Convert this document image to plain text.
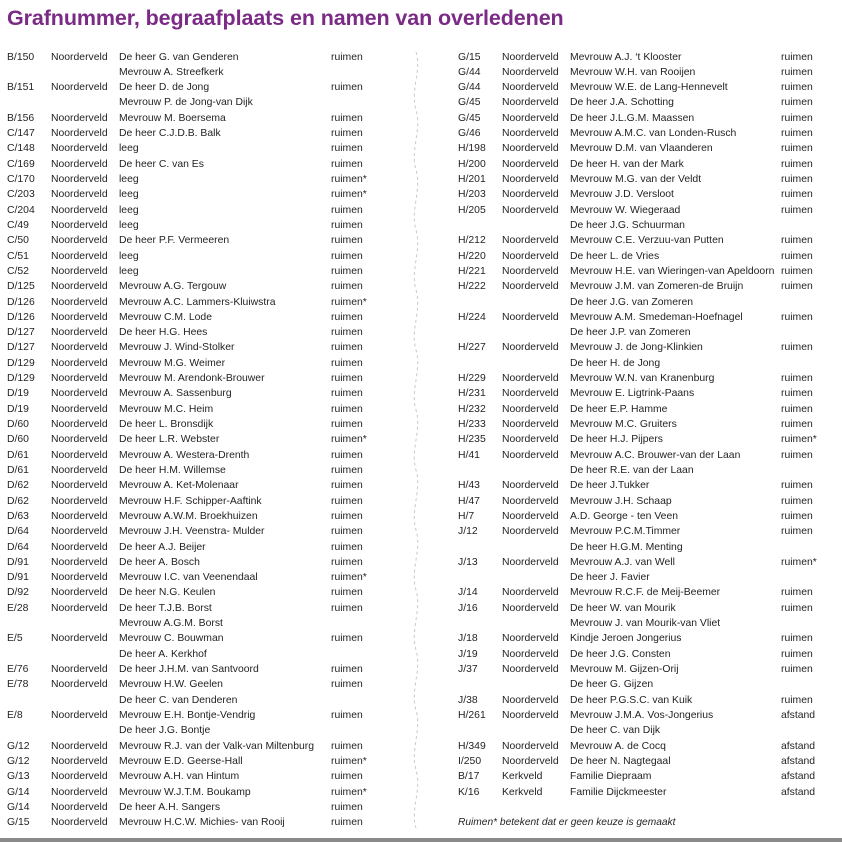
Grafnummer, begraafplaats en namen van overledenen
B/150 Noorderveld De heer G. van Genderen	ruimen
Mevrouw A. Streefkerk
B/151 Noorderveld De heer D. de Jong	ruimen
Mevrouw P. de Jong-van Dijk
B/156 Noorderveld Mevrouw M. Boersema	ruimen
C/147 Noorderveld De heer C.J.D.B. Balk	ruimen
C/148 Noorderveld leeg	ruimen
C/169 Noorderveld De heer C. van Es	ruimen
C/170 Noorderveld leeg	ruimen*
C/203 Noorderveld leeg	ruimen*
C/204 Noorderveld leeg	ruimen
C/49 Noorderveld leeg	ruimen
C/50 Noorderveld De heer P.F. Vermeeren	ruimen
C/51 Noorderveld leeg	ruimen
C/52 Noorderveld leeg	ruimen
D/125 Noorderveld Mevrouw A.G. Tergouw	ruimen
D/126 Noorderveld Mevrouw A.C. Lammers-Kluiwstra	ruimen*
D/126 Noorderveld Mevrouw C.M. Lode	ruimen
D/127 Noorderveld De heer H.G. Hees	ruimen
D/127 Noorderveld Mevrouw J. Wind-Stolker	ruimen
D/129 Noorderveld Mevrouw M.G. Weimer	ruimen
D/129 Noorderveld Mevrouw M. Arendonk-Brouwer	ruimen
D/19 Noorderveld Mevrouw A. Sassenburg	ruimen
D/19 Noorderveld Mevrouw M.C. Heim	ruimen
D/60 Noorderveld De heer L. Bronsdijk	ruimen
D/60 Noorderveld De heer L.R. Webster	ruimen*
D/61 Noorderveld Mevrouw A. Westera-Drenth	ruimen
D/61 Noorderveld De heer H.M. Willemse	ruimen
D/62 Noorderveld Mevrouw A. Ket-Molenaar	ruimen
D/62 Noorderveld Mevrouw H.F. Schipper-Aaftink	ruimen
D/63 Noorderveld Mevrouw A.W.M. Broekhuizen	ruimen
D/64 Noorderveld Mevrouw J.H. Veenstra- Mulder	ruimen
D/64 Noorderveld De heer A.J. Beijer	ruimen
D/91 Noorderveld De heer A. Bosch	ruimen
D/91 Noorderveld Mevrouw I.C. van Veenendaal	ruimen*
D/92 Noorderveld De heer N.G. Keulen	ruimen
E/28 Noorderveld De heer T.J.B. Borst	ruimen
Mevrouw A.G.M. Borst
E/5	Noorderveld Mevrouw C. Bouwman	ruimen
De heer A. Kerkhof
E/76 Noorderveld De heer J.H.M. van Santvoord	ruimen
E/78 Noorderveld Mevrouw H.W. Geelen	ruimen
De heer C. van Denderen
E/8	Noorderveld Mevrouw E.H. Bontje-Vendrig	ruimen
De heer J.G. Bontje
G/12 Noorderveld Mevrouw R.J. van der Valk-van Miltenburg ruimen
G/12 Noorderveld Mevrouw E.D. Geerse-Hall	ruimen*
G/13 Noorderveld Mevrouw A.H. van Hintum	ruimen
G/14 Noorderveld Mevrouw W.J.T.M. Boukamp	ruimen*
G/14 Noorderveld De heer A.H. Sangers	ruimen
G/15 Noorderveld Mevrouw H.C.W. Michies- van Rooij	ruimen
G/15 Noorderveld Mevrouw A.J. ‘t Klooster	ruimen
G/44 Noorderveld Mevrouw W.H. van Rooijen	ruimen
G/44 Noorderveld Mevrouw W.E. de Lang-Hennevelt	ruimen
G/45 Noorderveld De heer J.A. Schotting	ruimen
G/45 Noorderveld De heer J.L.G.M. Maassen	ruimen
G/46 Noorderveld Mevrouw A.M.C. van Londen-Rusch	ruimen
H/198 Noorderveld Mevrouw D.M. van Vlaanderen	ruimen
H/200 Noorderveld De heer H. van der Mark	ruimen
H/201 Noorderveld Mevrouw M.G. van der Veldt	ruimen
H/203 Noorderveld Mevrouw J.D. Versloot	ruimen
H/205 Noorderveld Mevrouw W. Wiegeraad	ruimen
De heer J.G. Schuurman
H/212 Noorderveld Mevrouw C.E. Verzuu-van Putten	ruimen
H/220 Noorderveld De heer L. de Vries	ruimen
H/221 Noorderveld Mevrouw H.E. van Wieringen-van Apeldoorn ruimen
H/222 Noorderveld Mevrouw J.M. van Zomeren-de Bruijn	ruimen
De heer J.G. van Zomeren
H/224 Noorderveld Mevrouw A.M. Smedeman-Hoefnagel	ruimen
De heer J.P. van Zomeren
H/227 Noorderveld Mevrouw J. de Jong-Klinkien	ruimen
De heer H. de Jong
H/229 Noorderveld Mevrouw W.N. van Kranenburg	ruimen
H/231 Noorderveld Mevrouw E. Ligtrink-Paans	ruimen
H/232 Noorderveld De heer E.P. Hamme	ruimen
H/233 Noorderveld Mevrouw M.C. Gruiters	ruimen
H/235 Noorderveld De heer H.J. Pijpers	ruimen*
H/41 Noorderveld Mevrouw A.C. Brouwer-van der Laan	ruimen
De heer R.E. van der Laan
H/43 Noorderveld De heer J.Tukker	ruimen
H/47 Noorderveld Mevrouw J.H. Schaap	ruimen
H/7	Noorderveld A.D. George - ten Veen	ruimen
J/12 Noorderveld Mevrouw P.C.M.Timmer	ruimen
De heer H.G.M. Menting
J/13 Noorderveld Mevrouw A.J. van Well	ruimen*
De heer J. Favier
J/14 Noorderveld Mevrouw R.C.F. de Meij-Beemer	ruimen
J/16 Noorderveld De heer W. van Mourik	ruimen
Mevrouw J. van Mourik-van Vliet
J/18 Noorderveld Kindje Jeroen Jongerius	ruimen
J/19 Noorderveld De heer J.G. Consten	ruimen
J/37 Noorderveld Mevrouw M. Gijzen-Orij	ruimen
De heer G. Gijzen
J/38 Noorderveld De heer P.G.S.C. van Kuik	ruimen
H/261 Noorderveld Mevrouw J.M.A. Vos-Jongerius	afstand
De heer C. van Dijk
H/349 Noorderveld Mevrouw A. de Cocq	afstand
I/250 Noorderveld De heer N. Nagtegaal	afstand
B/17 Kerkveld	Familie Diepraam	afstand
K/16 Kerkveld	Familie Dijckmeester	afstand
Ruimen* betekent dat er geen keuze is gemaakt
